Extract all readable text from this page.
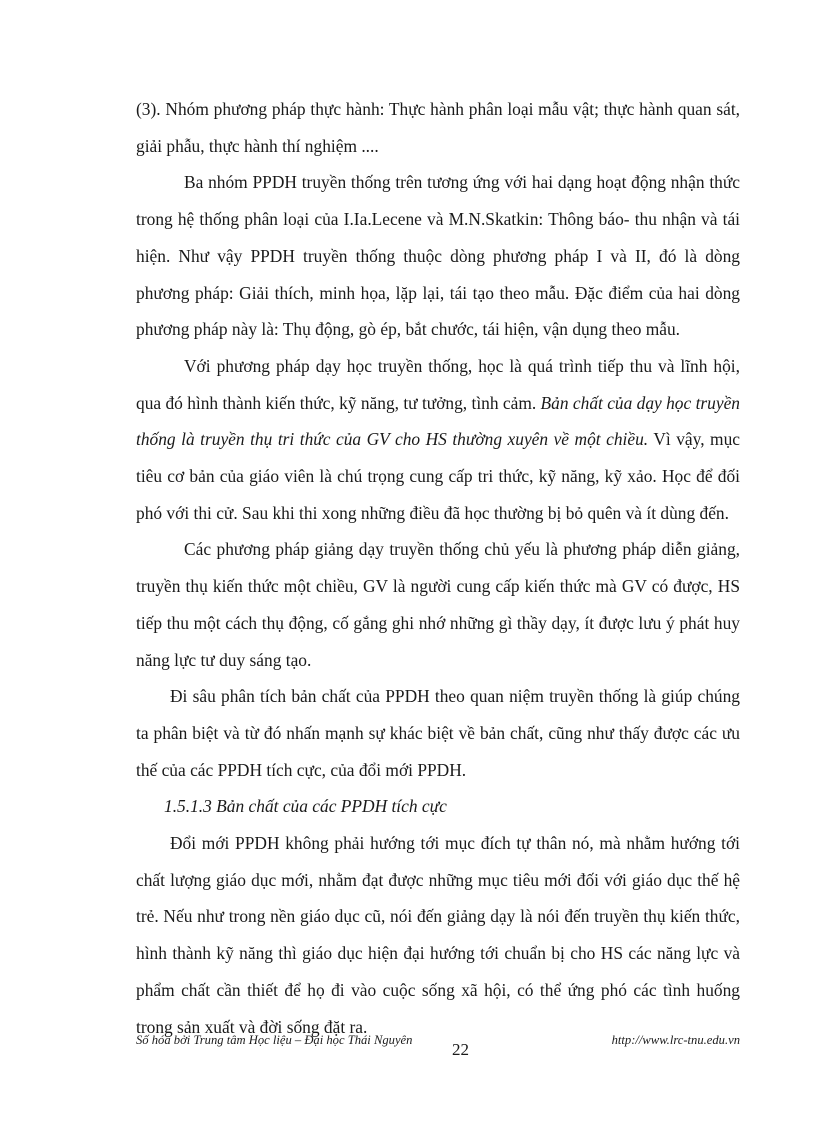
(3). Nhóm phương pháp thực hành: Thực hành phân loại mẫu vật; thực hành quan sát, giải phẫu, thực hành thí nghiệm ....

Ba nhóm PPDH truyền thống trên tương ứng với hai dạng hoạt động nhận thức trong hệ thống phân loại của I.Ia.Lecene và M.N.Skatkin: Thông báo- thu nhận và tái hiện. Như vậy PPDH truyền thống thuộc dòng phương pháp I và II, đó là dòng phương pháp: Giải thích, minh họa, lặp lại, tái tạo theo mẫu. Đặc điểm của hai dòng phương pháp này là: Thụ động, gò ép, bắt chước, tái hiện, vận dụng theo mẫu.

Với phương pháp dạy học truyền thống, học là quá trình tiếp thu và lĩnh hội, qua đó hình thành kiến thức, kỹ năng, tư tưởng, tình cảm. Bản chất của dạy học truyền thống là truyền thụ tri thức của GV cho HS thường xuyên về một chiều. Vì vậy, mục tiêu cơ bản của giáo viên là chú trọng cung cấp tri thức, kỹ năng, kỹ xảo. Học để đối phó với thi cử. Sau khi thi xong những điều đã học thường bị bỏ quên và ít dùng đến.

Các phương pháp giảng dạy truyền thống chủ yếu là phương pháp diễn giảng, truyền thụ kiến thức một chiều, GV là người cung cấp kiến thức mà GV có được, HS tiếp thu một cách thụ động, cố gắng ghi nhớ những gì thầy dạy, ít được lưu ý phát huy năng lực tư duy sáng tạo.

Đi sâu phân tích bản chất của PPDH theo quan niệm truyền thống là giúp chúng ta phân biệt và từ đó nhấn mạnh sự khác biệt về bản chất, cũng như thấy được các ưu thế của các PPDH tích cực, của đổi mới PPDH.

1.5.1.3 Bản chất của các PPDH tích cực

Đổi mới PPDH không phải hướng tới mục đích tự thân nó, mà nhằm hướng tới chất lượng giáo dục mới, nhằm đạt được những mục tiêu mới đối với giáo dục thế hệ trẻ. Nếu như trong nền giáo dục cũ, nói đến giảng dạy là nói đến truyền thụ kiến thức, hình thành kỹ năng thì giáo dục hiện đại hướng tới chuẩn bị cho HS các năng lực và phẩm chất cần thiết để họ đi vào cuộc sống xã hội, có thể ứng phó các tình huống trong sản xuất và đời sống đặt ra.

Số hóa bởi Trung tâm Học liệu – Đại học Thái Nguyên 22	http://www.lrc-tnu.edu.vn
